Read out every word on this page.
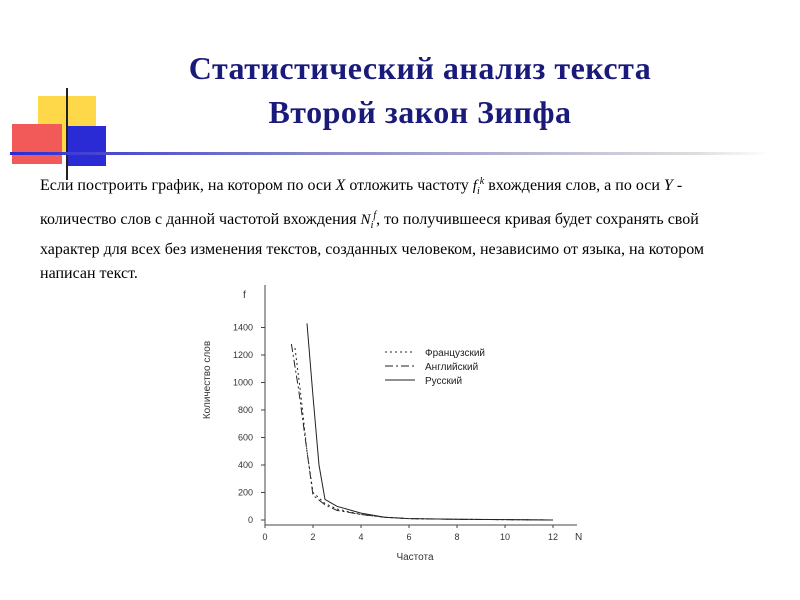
Статистический анализ текста
Второй закон Зипфа
Если построить график, на котором по оси X отложить частоту $f_i^k$ вхождения слов, а по оси Y - количество слов с данной частотой вхождения $N_i^f$, то получившееся кривая будет сохранять свой характер для всех без изменения текстов, созданных человеком, независимо от языка, на котором написан текст.
0
200
400
600
800
1000
1200
1400
0	2	4	6	8	10	12
f
N
Частота
Количество слов	Французский
Английский
Русский
